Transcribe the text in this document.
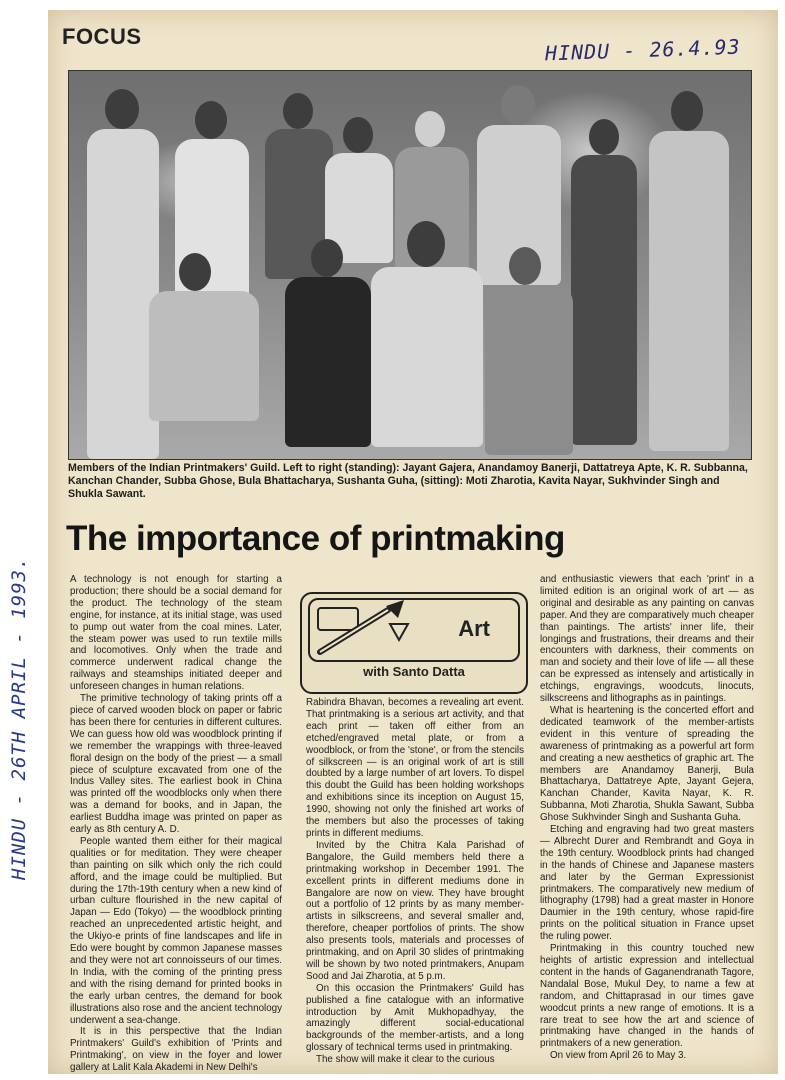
FOCUS	HINDU - 26.4.93
HINDU - 26TH APRIL - 1993.
Members of the Indian Printmakers' Guild. Left to right (standing): Jayant Gajera, Anandamoy Banerji, Dattatreya Apte, K. R. Subbanna, Kanchan Chander, Subba Ghose, Bula Bhattacharya, Sushanta Guha, (sitting): Moti Zharotia, Kavita Nayar, Sukhvinder Singh and Shukla Sawant.
The importance of printmaking

A technology is not enough for starting a production; there should be a social demand for the product. The technology of the steam engine, for instance, at its initial stage, was used to pump out water from the coal mines. Later, the steam power was used to run textile mills and locomotives. Only when the trade and commerce underwent radical change the railways and steamships initiated deeper and unforeseen changes in human relations.

The primitive technology of taking prints off a piece of carved wooden block on paper or fabric has been there for centuries in different cultures. We can guess how old was woodblock printing if we remember the wrappings with three-leaved floral design on the body of the priest — a small piece of sculpture excavated from one of the Indus Valley sites. The earliest book in China was printed off the woodblocks only when there was a demand for books, and in Japan, the earliest Buddha image was printed on paper as early as 8th century A. D.

People wanted them either for their magical qualities or for meditation. They were cheaper than painting on silk which only the rich could afford, and the image could be multiplied. But during the 17th-19th century when a new kind of urban culture flourished in the new capital of Japan — Edo (Tokyo) — the woodblock printing reached an unprecedented artistic height, and the Ukiyo-e prints of fine landscapes and life in Edo were bought by common Japanese masses and they were not art connoisseurs of our times. In India, with the coming of the printing press and with the rising demand for printed books in the early urban centres, the demand for book illustrations also rose and the ancient technology underwent a sea-change.

It is in this perspective that the Indian Printmakers' Guild's exhibition of 'Prints and Printmaking', on view in the foyer and lower gallery at Lalit Kala Akademi in New Delhi's

Art
with Santo Datta

Rabindra Bhavan, becomes a revealing art event. That printmaking is a serious art activity, and that each print — taken off either from an etched/engraved metal plate, or from a woodblock, or from the 'stone', or from the stencils of silkscreen — is an original work of art is still doubted by a large number of art lovers. To dispel this doubt the Guild has been holding workshops and exhibitions since its inception on August 15, 1990, showing not only the finished art works of the members but also the processes of taking prints in different mediums.

Invited by the Chitra Kala Parishad of Bangalore, the Guild members held there a printmaking workshop in December 1991. The excellent prints in different mediums done in Bangalore are now on view. They have brought out a portfolio of 12 prints by as many member-artists in silkscreens, and several smaller and, therefore, cheaper portfolios of prints. The show also presents tools, materials and processes of printmaking, and on April 30 slides of printmaking will be shown by two noted printmakers, Anupam Sood and Jai Zharotia, at 5 p.m.

On this occasion the Printmakers' Guild has published a fine catalogue with an informative introduction by Amit Mukhopadhyay, the amazingly different social-educational backgrounds of the member-artists, and a long glossary of technical terms used in printmaking.

The show will make it clear to the curious

and enthusiastic viewers that each 'print' in a limited edition is an original work of art — as original and desirable as any painting on canvas paper. And they are comparatively much cheaper than paintings. The artists' inner life, their longings and frustrations, their dreams and their encounters with darkness, their comments on man and society and their love of life — all these can be expressed as intensely and artistically in etchings, engravings, woodcuts, linocuts, silkscreens and lithographs as in paintings.

What is heartening is the concerted effort and dedicated teamwork of the member-artists evident in this venture of spreading the awareness of printmaking as a powerful art form and creating a new aesthetics of graphic art. The members are Anandamoy Banerji, Bula Bhattacharya, Dattatreye Apte, Jayant Gejera, Kanchan Chander, Kavita Nayar, K. R. Subbanna, Moti Zharotia, Shukla Sawant, Subba Ghose Sukhvinder Singh and Sushanta Guha.

Etching and engraving had two great masters — Albrecht Durer and Rembrandt and Goya in the 19th century. Woodblock prints had changed in the hands of Chinese and Japanese masters and later by the German Expressionist printmakers. The comparatively new medium of lithography (1798) had a great master in Honore Daumier in the 19th century, whose rapid-fire prints on the political situation in France upset the ruling power.

Printmaking in this country touched new heights of artistic expression and intellectual content in the hands of Gaganendranath Tagore, Nandalal Bose, Mukul Dey, to name a few at random, and Chittaprasad in our times gave woodcut prints a new range of emotions. It is a rare treat to see how the art and science of printmaking have changed in the hands of printmakers of a new generation.

On view from April 26 to May 3.
